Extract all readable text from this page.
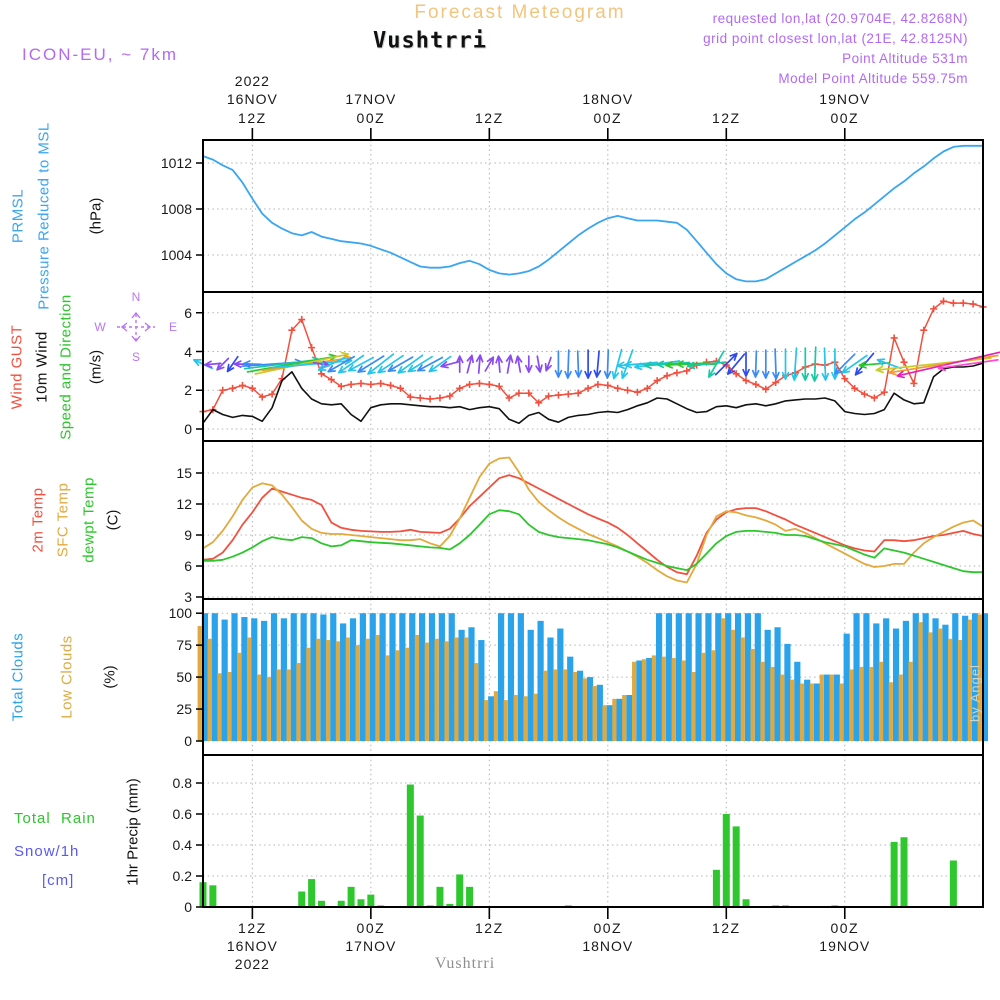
Forecast Meteogram
Vushtrri
ICON-EU, ~ 7km
requested lon,lat (20.9704E, 42.8268N)
grid point closest lon,lat (21E, 42.8125N)
Point Altitude 531m
Model Point Altitude 559.75m
by Angel
Vushtrri
N
S
W	E
12Z
12Z
00Z
00Z
12Z
12Z
00Z
00Z
12Z
12Z
00Z
00Z
16NOV
16NOV
2022
2022
17NOV
17NOV
18NOV
18NOV
19NOV
19NOV
1012
1008
1004
6
4
2
0
15
12
9
6
3
100
75
50
25
0
0.8
0.6
0.4
0.2
0
PRMSL Pressure Reduced to MSL (hPa)
Wind GUST 10m Wind Speed and Direction (m/s)
2m Temp SFC Temp dewpt Temp (C)
Total Clouds Low Clouds (%)
Total  Rain
Snow/1h
[cm]	1hr Precip (mm)
